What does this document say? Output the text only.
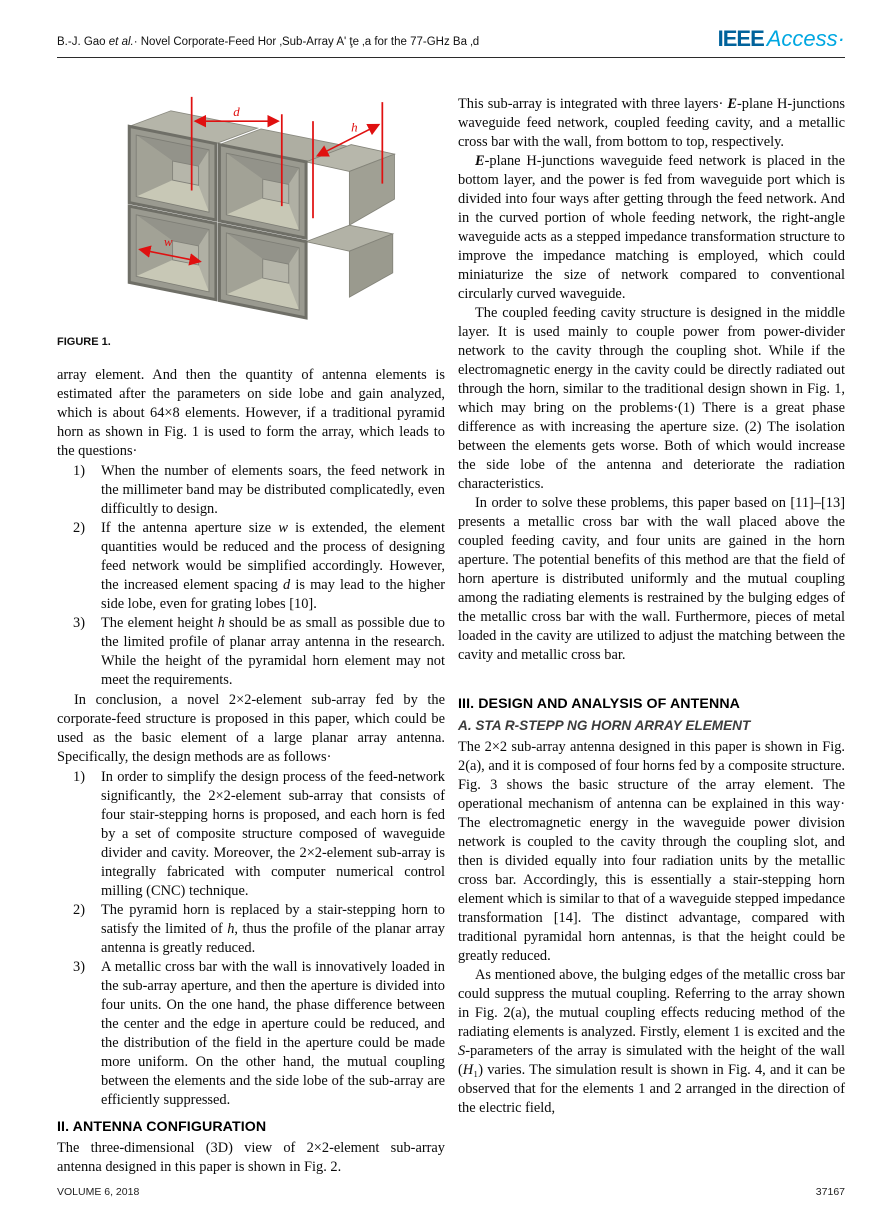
B.-J. Gao et al.· Novel Corporate-Feed Hor ‚Sub-Array A' ţe ‚a for the 77-GHz Ba ‚d	IEEE Access·
d
h
w
FIGURE 1.

array element. And then the quantity of antenna elements is estimated after the parameters on side lobe and gain analyzed, which is about 64×8 elements. However, if a traditional pyramid horn as shown in Fig. 1 is used to form the array, which leads to the questions·

1) When the number of elements soars, the feed network in the millimeter band may be distributed complicatedly, even difficultly to design.
2) If the antenna aperture size w is extended, the element quantities would be reduced and the process of designing feed network would be simplified accordingly. However, the increased element spacing d is may lead to the higher side lobe, even for grating lobes [10].
3) The element height h should be as small as possible due to the limited profile of planar array antenna in the research. While the height of the pyramidal horn element may not meet the requirements.

In conclusion, a novel 2×2-element sub-array fed by the corporate-feed structure is proposed in this paper, which could be used as the basic element of a large planar array antenna. Specifically, the design methods are as follows·

1) In order to simplify the design process of the feed-network significantly, the 2×2-element sub-array that consists of four stair-stepping horns is proposed, and each horn is fed by a set of composite structure composed of waveguide divider and cavity. Moreover, the 2×2-element sub-array is integrally fabricated with computer numerical control milling (CNC) technique.
2) The pyramid horn is replaced by a stair-stepping horn to satisfy the limited of h, thus the profile of the planar array antenna is greatly reduced.
3) A metallic cross bar with the wall is innovatively loaded in the sub-array aperture, and then the aperture is divided into four units. On the one hand, the phase difference between the center and the edge in aperture could be reduced, and the distribution of the field in the aperture could be made more uniform. On the other hand, the mutual coupling between the elements and the side lobe of the sub-array are efficiently suppressed.
II. ANTENNA CONFIGURATION

The three-dimensional (3D) view of 2×2-element sub-array antenna designed in this paper is shown in Fig. 2.

This sub-array is integrated with three layers· E-plane H-junctions waveguide feed network, coupled feeding cavity, and a metallic cross bar with the wall, from bottom to top, respectively.

E-plane H-junctions waveguide feed network is placed in the bottom layer, and the power is fed from waveguide port which is divided into four ways after getting through the feed network. And in the curved portion of whole feeding network, the right-angle waveguide acts as a stepped impedance transformation structure to improve the impedance matching is employed, which could miniaturize the size of network compared to conventional circularly curved waveguide.

The coupled feeding cavity structure is designed in the middle layer. It is used mainly to couple power from power-divider network to the cavity through the coupling shot. While if the electromagnetic energy in the cavity could be directly radiated out through the horn, similar to the traditional design shown in Fig. 1, which may bring on the problems·(1) There is a great phase difference as with increasing the aperture size. (2) The isolation between the elements gets worse. Both of which would increase the side lobe of the antenna and deteriorate the radiation characteristics.

In order to solve these problems, this paper based on [11]–[13] presents a metallic cross bar with the wall placed above the coupled feeding cavity, and four units are gained in the horn aperture. The potential benefits of this method are that the field of horn aperture is distributed uniformly and the mutual coupling among the radiating elements is restrained by the bulging edges of the metallic cross bar with the wall. Furthermore, pieces of metal loaded in the cavity are utilized to adjust the matching between the cavity and metallic cross bar.

III. DESIGN AND ANALYSIS OF ANTENNA
A. STA R-STEPP NG HORN ARRAY ELEMENT

The 2×2 sub-array antenna designed in this paper is shown in Fig. 2(a), and it is composed of four horns fed by a composite structure. Fig. 3 shows the basic structure of the array element. The operational mechanism of antenna can be explained in this way· The electromagnetic energy in the waveguide power division network is coupled to the cavity through the coupling slot, and then is divided equally into four radiation units by the metallic cross bar. Accordingly, this is essentially a stair-stepping horn element which is similar to that of a waveguide stepped impedance transformation [14]. The distinct advantage, compared with traditional pyramidal horn antennas, is that the height could be greatly reduced.

As mentioned above, the bulging edges of the metallic cross bar could suppress the mutual coupling. Referring to the array shown in Fig. 2(a), the mutual coupling effects reducing method of the radiating elements is analyzed. Firstly, element 1 is excited and the S-parameters of the array is simulated with the height of the wall (H₁) varies. The simulation result is shown in Fig. 4, and it can be observed that for the elements 1 and 2 arranged in the direction of the electric field,

VOLUME 6, 2018	37167
